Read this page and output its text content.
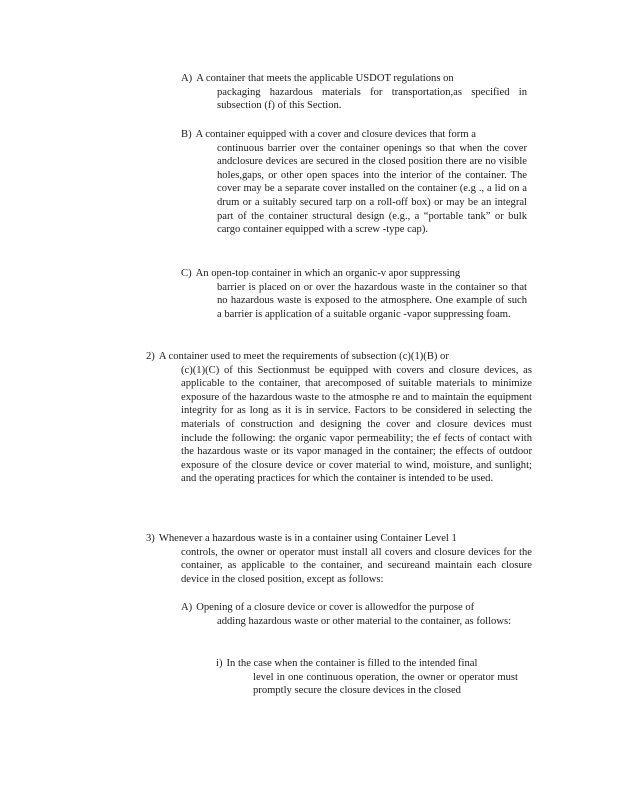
A) A container that meets the applicable USDOT regulations on
packaging hazardous materials for transportation,as specified in subsection (f) of this Section.
B) A container equipped with a cover and closure devices that form a
continuous barrier over the container openings so that when the cover andclosure devices are secured in the closed position there are no visible holes,gaps, or other open spaces into the interior of the container. The cover may be a separate cover installed on the container (e.g ., a lid on a drum or a suitably secured tarp on a roll-off box) or may be an integral part of the container structural design (e.g., a “portable tank” or bulk cargo container equipped with a screw -type cap).
C) An open-top container in which an organic-v apor suppressing
barrier is placed on or over the hazardous waste in the container so that no hazardous waste is exposed to the atmosphere. One example of such a barrier is application of a suitable organic -vapor suppressing foam.
2) A container used to meet the requirements of subsection (c)(1)(B) or
(c)(1)(C) of this Sectionmust be equipped with covers and closure devices, as applicable to the container, that arecomposed of suitable materials to minimize exposure of the hazardous waste to the atmosphe re and to maintain the equipment integrity for as long as it is in service. Factors to be considered in selecting the materials of construction and designing the cover and closure devices must include the following: the organic vapor permeability; the ef fects of contact with the hazardous waste or its vapor managed in the container; the effects of outdoor exposure of the closure device or cover material to wind, moisture, and sunlight; and the operating practices for which the container is intended to be used.
3) Whenever a hazardous waste is in a container using Container Level 1
controls, the owner or operator must install all covers and closure devices for the container, as applicable to the container, and secureand maintain each closure device in the closed position, except as follows:
A) Opening of a closure device or cover is allowedfor the purpose of
adding hazardous waste or other material to the container, as follows:
i) In the case when the container is filled to the intended final
level in one continuous operation, the owner or operator must promptly secure the closure devices in the closed
